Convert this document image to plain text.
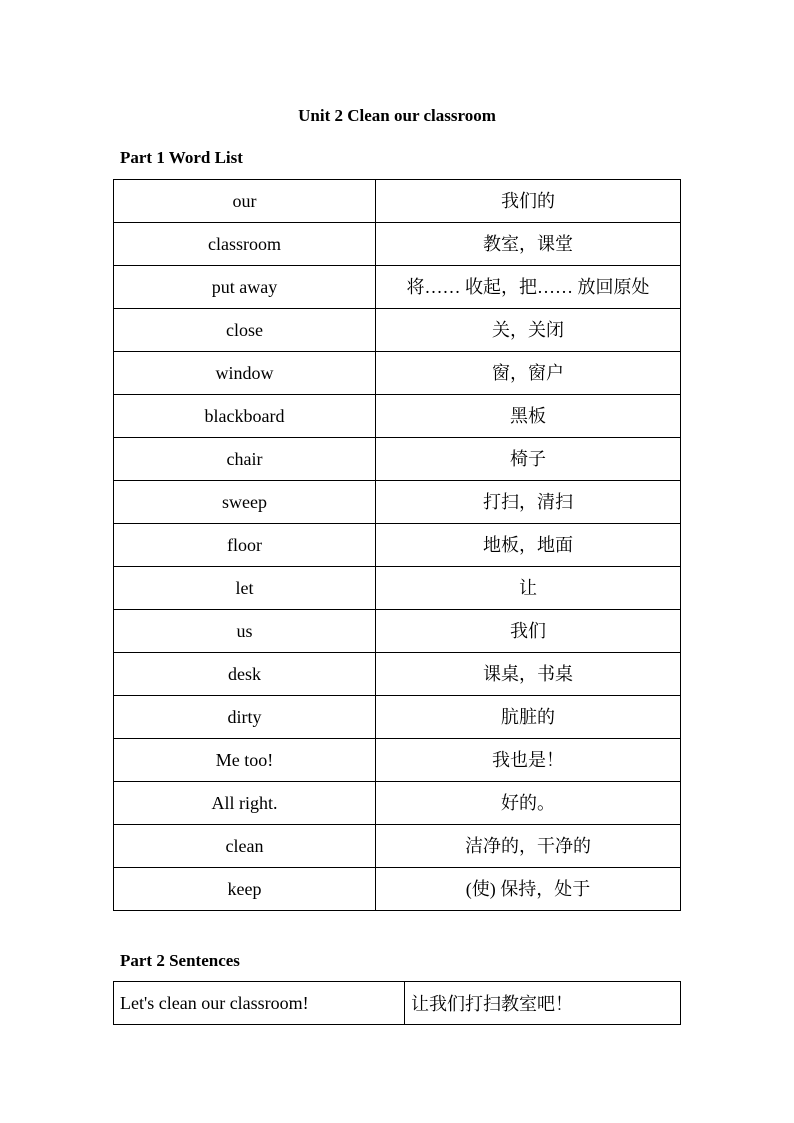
Unit 2 Clean our classroom
Part 1 Word List
our	我们的
classroom	教室，课堂
put away	将…… 收起，把…… 放回原处
close	关，关闭
window	窗，窗户
blackboard	黑板
chair	椅子
sweep	打扫，清扫
floor	地板，地面
let	让
us	我们
desk	课桌，书桌
dirty	肮脏的
Me too!	我也是！
All right.	好的。
clean	洁净的，干净的
keep	(使) 保持，处于
Part 2 Sentences
Let's clean our classroom!	让我们打扫教室吧！
